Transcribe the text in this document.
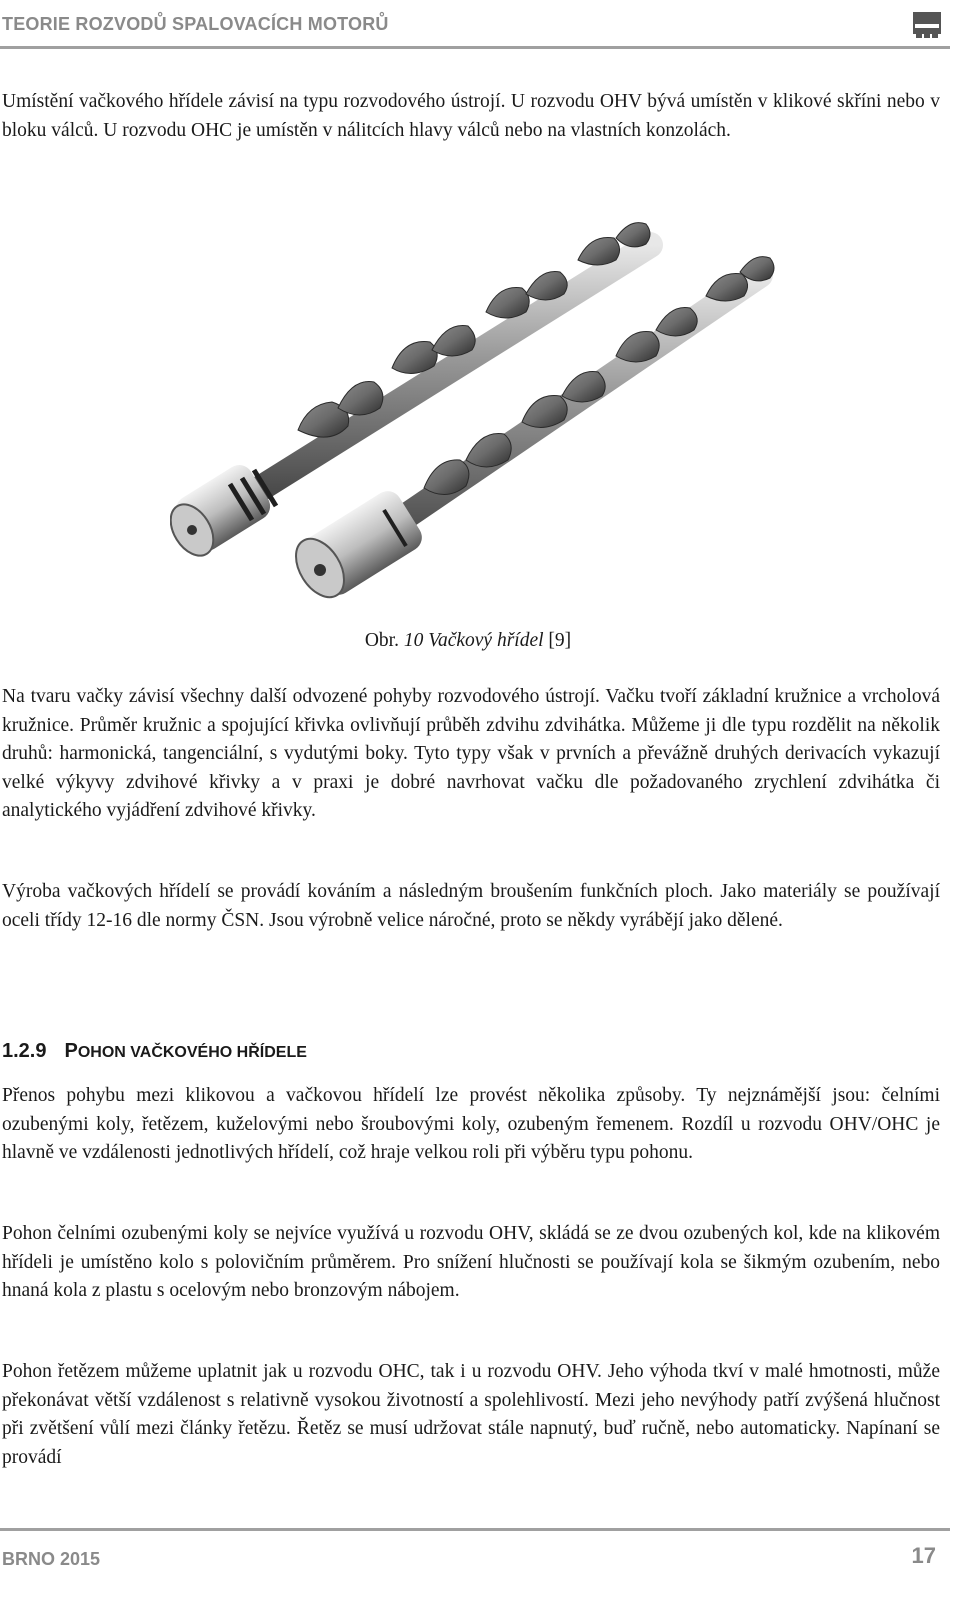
TEORIE ROZVODŮ SPALOVACÍCH MOTORŮ

Umístění vačkového hřídele závisí na typu rozvodového ústrojí. U rozvodu OHV bývá umístěn v klikové skříni nebo v bloku válců. U rozvodu OHC je umístěn v nálitcích hlavy válců nebo na vlastních konzolách.

Obr. 10 Vačkový hřídel [9]

Na tvaru vačky závisí všechny další odvozené pohyby rozvodového ústrojí. Vačku tvoří základní kružnice a vrcholová kružnice. Průměr kružnic a spojující křivka ovlivňují průběh zdvihu zdvihátka. Můžeme ji dle typu rozdělit na několik druhů: harmonická, tangenciální, s vydutými boky. Tyto typy však v prvních a převážně druhých derivacích vykazují velké výkyvy zdvihové křivky a v praxi je dobré navrhovat vačku dle požadovaného zrychlení zdvihátka či analytického vyjádření zdvihové křivky.

Výroba vačkových hřídelí se provádí kováním a následným broušením funkčních ploch. Jako materiály se používají oceli třídy 12-16 dle normy ČSN. Jsou výrobně velice náročné, proto se někdy vyrábějí jako dělené.

1.2.9 POHON VAČKOVÉHO HŘÍDELE

Přenos pohybu mezi klikovou a vačkovou hřídelí lze provést několika způsoby. Ty nejznámější jsou: čelními ozubenými koly, řetězem, kuželovými nebo šroubovými koly, ozubeným řemenem. Rozdíl u rozvodu OHV/OHC je hlavně ve vzdálenosti jednotlivých hřídelí, což hraje velkou roli při výběru typu pohonu.

Pohon čelními ozubenými koly se nejvíce využívá u rozvodu OHV, skládá se ze dvou ozubených kol, kde na klikovém hřídeli je umístěno kolo s polovičním průměrem. Pro snížení hlučnosti se používají kola se šikmým ozubením, nebo hnaná kola z plastu s ocelovým nebo bronzovým nábojem.

Pohon řetězem můžeme uplatnit jak u rozvodu OHC, tak i u rozvodu OHV. Jeho výhoda tkví v malé hmotnosti, může překonávat větší vzdálenost s relativně vysokou životností a spolehlivostí. Mezi jeho nevýhody patří zvýšená hlučnost při zvětšení vůlí mezi články řetězu. Řetěz se musí udržovat stále napnutý, buď ručně, nebo automaticky. Napínaní se provádí

BRNO 2015	17
